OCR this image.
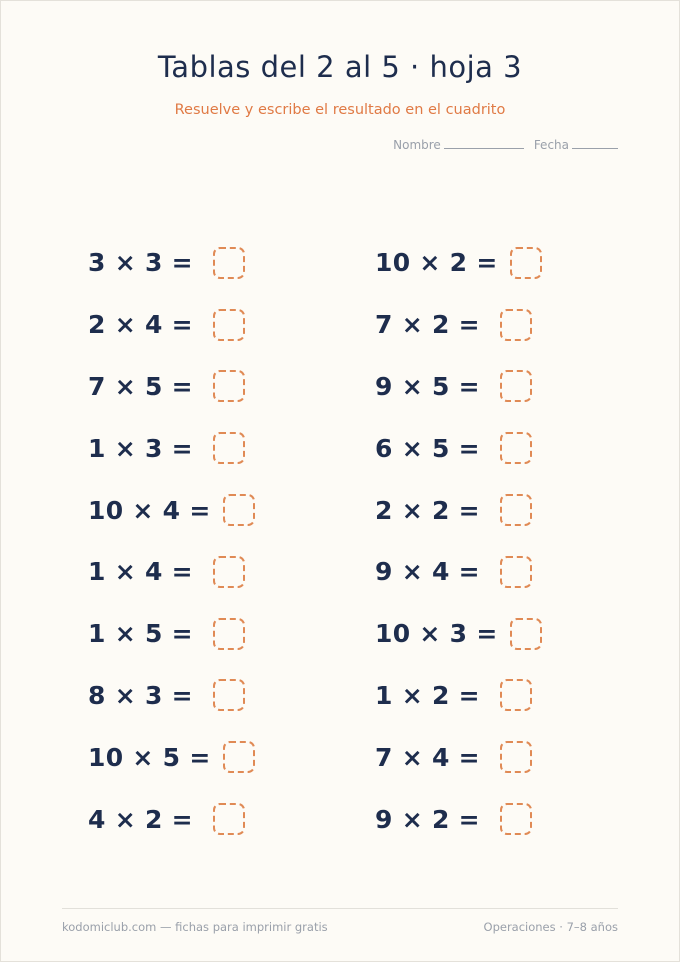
Tablas del 2 al 5 · hoja 3
Resuelve y escribe el resultado en el cuadrito
Nombre	Fecha
3 × 3 =
2 × 4 =
7 × 5 =
1 × 3 =
10 × 4 =
1 × 4 =
1 × 5 =
8 × 3 =
10 × 5 =
4 × 2 =
10 × 2 =
7 × 2 =
9 × 5 =
6 × 5 =
2 × 2 =
9 × 4 =
10 × 3 =
1 × 2 =
7 × 4 =
9 × 2 =
kodomiclub.com — fichas para imprimir gratis	Operaciones · 7–8 años
